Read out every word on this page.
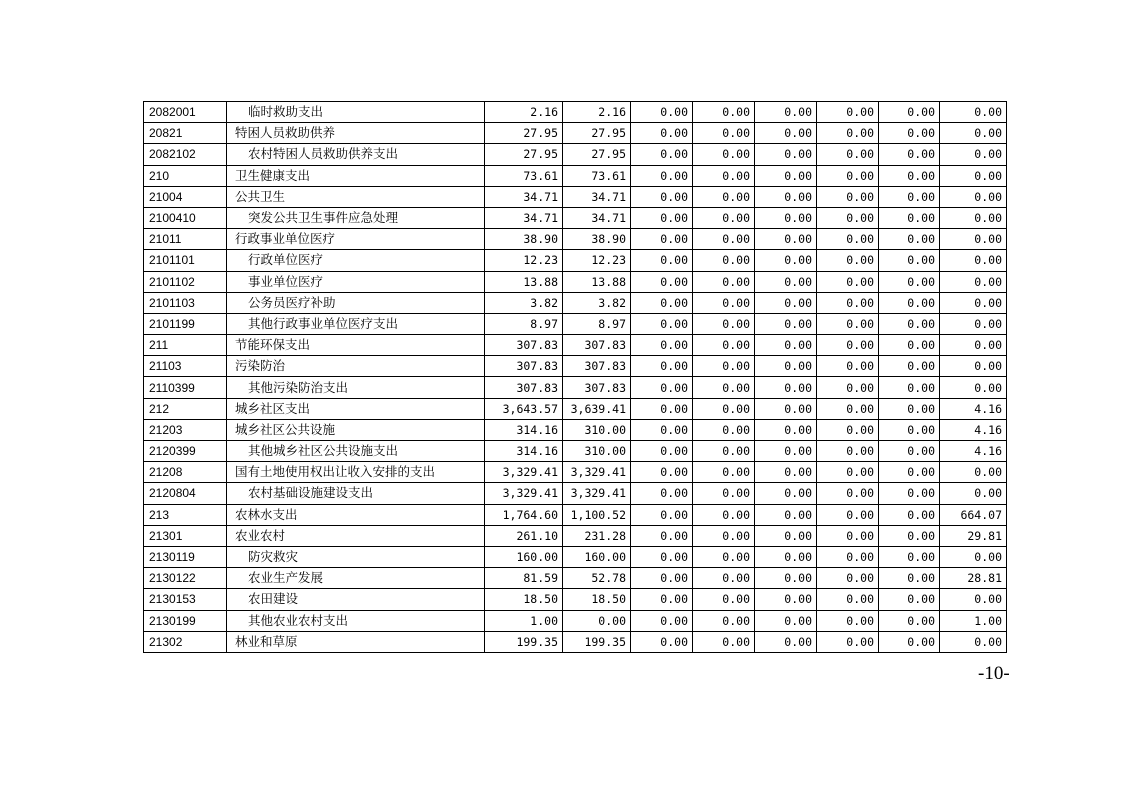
2082001	临时救助支出	2.16	2.16	0.00	0.00	0.00	0.00	0.00	0.00
20821	特困人员救助供养	27.95	27.95	0.00	0.00	0.00	0.00	0.00	0.00
2082102	农村特困人员救助供养支出	27.95	27.95	0.00	0.00	0.00	0.00	0.00	0.00
210	卫生健康支出	73.61	73.61	0.00	0.00	0.00	0.00	0.00	0.00
21004	公共卫生	34.71	34.71	0.00	0.00	0.00	0.00	0.00	0.00
2100410	突发公共卫生事件应急处理	34.71	34.71	0.00	0.00	0.00	0.00	0.00	0.00
21011	行政事业单位医疗	38.90	38.90	0.00	0.00	0.00	0.00	0.00	0.00
2101101	行政单位医疗	12.23	12.23	0.00	0.00	0.00	0.00	0.00	0.00
2101102	事业单位医疗	13.88	13.88	0.00	0.00	0.00	0.00	0.00	0.00
2101103	公务员医疗补助	3.82	3.82	0.00	0.00	0.00	0.00	0.00	0.00
2101199	其他行政事业单位医疗支出	8.97	8.97	0.00	0.00	0.00	0.00	0.00	0.00
211	节能环保支出	307.83	307.83	0.00	0.00	0.00	0.00	0.00	0.00
21103	污染防治	307.83	307.83	0.00	0.00	0.00	0.00	0.00	0.00
2110399	其他污染防治支出	307.83	307.83	0.00	0.00	0.00	0.00	0.00	0.00
212	城乡社区支出	3,643.57	3,639.41	0.00	0.00	0.00	0.00	0.00	4.16
21203	城乡社区公共设施	314.16	310.00	0.00	0.00	0.00	0.00	0.00	4.16
2120399	其他城乡社区公共设施支出	314.16	310.00	0.00	0.00	0.00	0.00	0.00	4.16
21208	国有土地使用权出让收入安排的支出	3,329.41	3,329.41	0.00	0.00	0.00	0.00	0.00	0.00
2120804	农村基础设施建设支出	3,329.41	3,329.41	0.00	0.00	0.00	0.00	0.00	0.00
213	农林水支出	1,764.60	1,100.52	0.00	0.00	0.00	0.00	0.00	664.07
21301	农业农村	261.10	231.28	0.00	0.00	0.00	0.00	0.00	29.81
2130119	防灾救灾	160.00	160.00	0.00	0.00	0.00	0.00	0.00	0.00
2130122	农业生产发展	81.59	52.78	0.00	0.00	0.00	0.00	0.00	28.81
2130153	农田建设	18.50	18.50	0.00	0.00	0.00	0.00	0.00	0.00
2130199	其他农业农村支出	1.00	0.00	0.00	0.00	0.00	0.00	0.00	1.00
21302	林业和草原	199.35	199.35	0.00	0.00	0.00	0.00	0.00	0.00
-10-
